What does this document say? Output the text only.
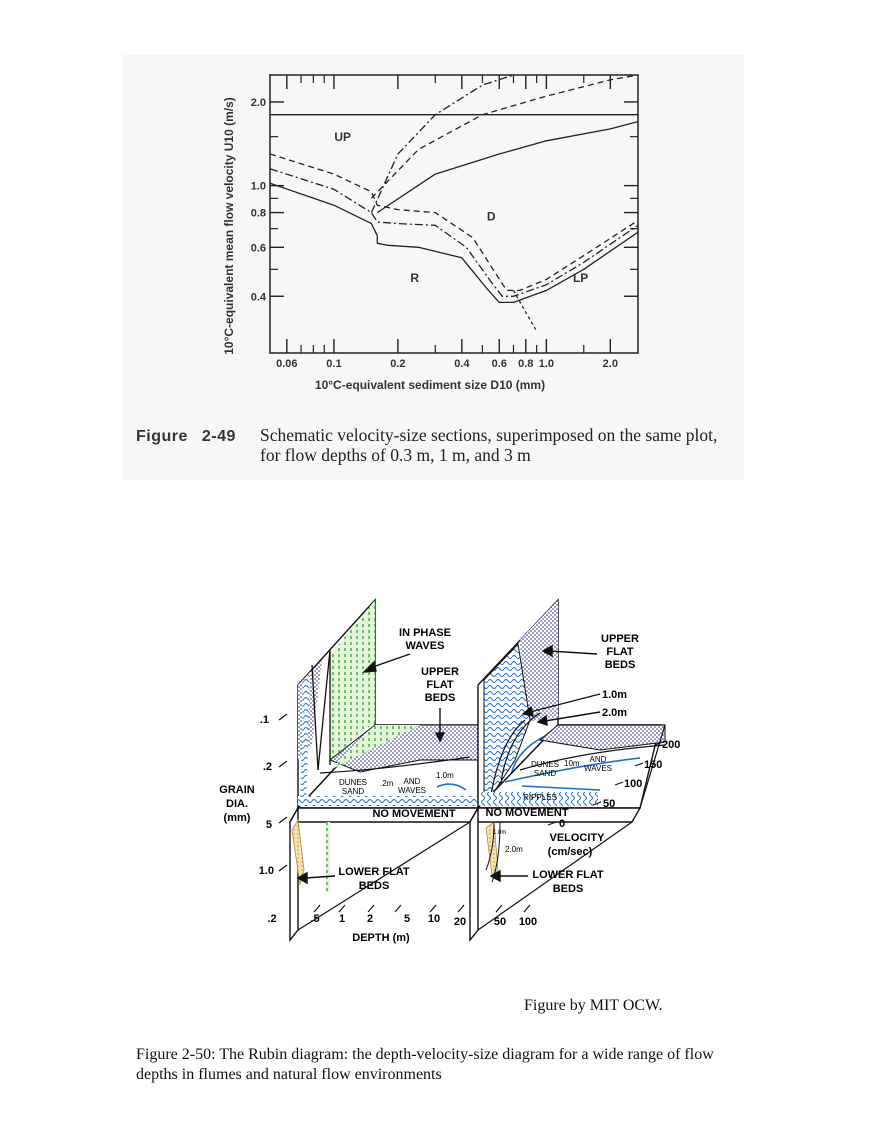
0.06	0.1	0.2	0.4 0.6 0.8 1.0	2.0
0.4
0.6
0.8
1.0
2.0
UP
D
R	LP
10°C-equivalent sediment size D10 (mm)
10°C-equivalent mean flow velocity U10 (m/s)
Figure 2-49 Schematic velocity-size sections, superimposed on the same plot, for flow depths of 0.3 m, 1 m, and 3 m
IN PHASE WAVES
UPPER FLAT BEDS
UPPER FLAT BEDS
1.0m
2.0m
DUNES SAND
.2m	AND WAVES
1.0m
DUNES SAND
10m	AND WAVES
RIPPLES
NO MOVEMENT	NO MOVEMENT
1.0m
2.0m
LOWER FLAT BEDS
LOWER FLAT BEDS
GRAIN DIA. (mm)
VELOCITY (cm/sec)
DEPTH (m)
.1
.2
5
1.0
200
150
100
50
0
.2	.5 1 2	5 10 20	50 100
Figure by MIT OCW.
Figure 2-50: The Rubin diagram: the depth-velocity-size diagram for a wide range of flow depths in flumes and natural flow environments
